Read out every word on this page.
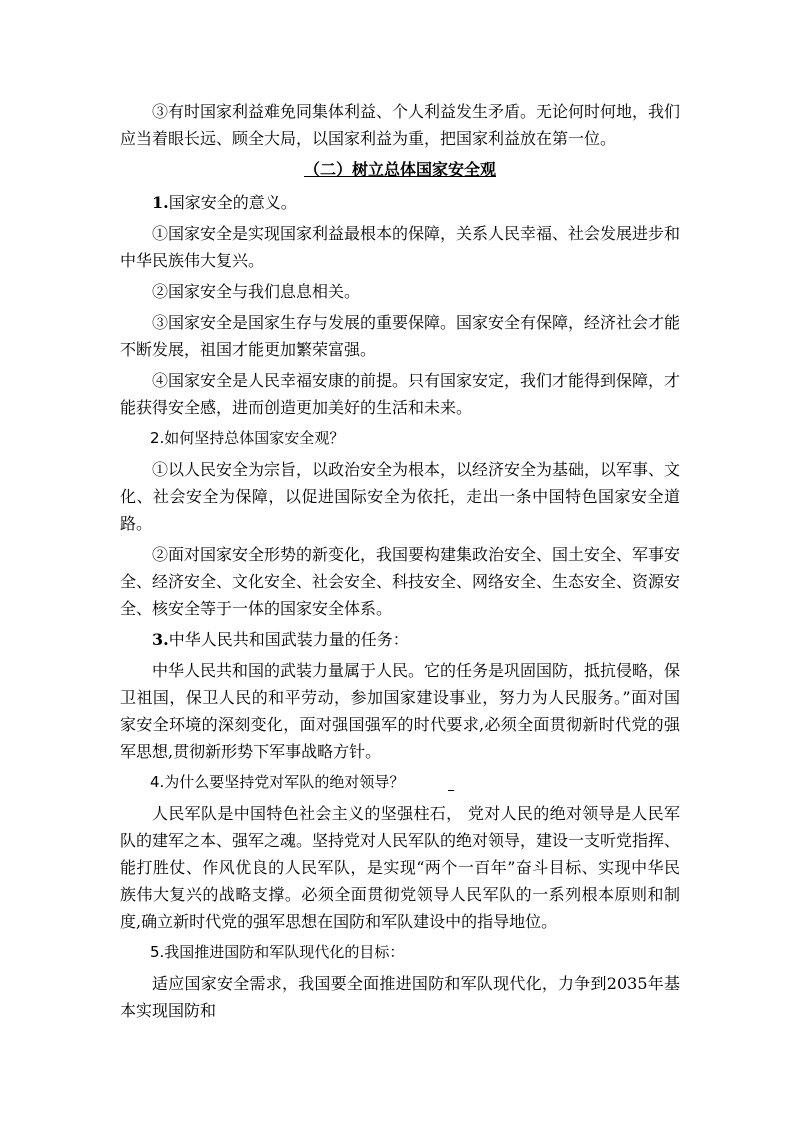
③有时国家利益难免同集体利益、个人利益发生矛盾。无论何时何地，我们应当着眼长远、顾全大局，以国家利益为重，把国家利益放在第一位。

（二）树立总体国家安全观

1.国家安全的意义。

①国家安全是实现国家利益最根本的保障，关系人民幸福、社会发展进步和中华民族伟大复兴。

②国家安全与我们息息相关。

③国家安全是国家生存与发展的重要保障。国家安全有保障，经济社会才能不断发展，祖国才能更加繁荣富强。

④国家安全是人民幸福安康的前提。只有国家安定，我们才能得到保障，才能获得安全感，进而创造更加美好的生活和未来。

2.如何坚持总体国家安全观？

①以人民安全为宗旨，以政治安全为根本，以经济安全为基础，以军事、文化、社会安全为保障，以促进国际安全为依托，走出一条中国特色国家安全道路。

②面对国家安全形势的新变化，我国要构建集政治安全、国土安全、军事安全、经济安全、文化安全、社会安全、科技安全、网络安全、生态安全、资源安全、核安全等于一体的国家安全体系。

3.中华人民共和国武装力量的任务：

中华人民共和国的武装力量属于人民。它的任务是巩固国防，抵抗侵略，保卫祖国，保卫人民的和平劳动，参加国家建设事业，努力为人民服务。”面对国家安全环境的深刻变化，面对强国强军的时代要求,必须全面贯彻新时代党的强军思想,贯彻新形势下军事战略方针。

4.为什么要坚持党对军队的绝对领导？

人民军队是中国特色社会主义的坚强柱石， 党对人民的绝对领导是人民军队的建军之本、强军之魂。坚持党对人民军队的绝对领导，建设一支听党指挥、能打胜仗、作风优良的人民军队，是实现“两个一百年”奋斗目标、实现中华民族伟大复兴的战略支撑。必须全面贯彻党领导人民军队的一系列根本原则和制度,确立新时代党的强军思想在国防和军队建设中的指导地位。

5.我国推进国防和军队现代化的目标：

适应国家安全需求，我国要全面推进国防和军队现代化，力争到2035年基本实现国防和
